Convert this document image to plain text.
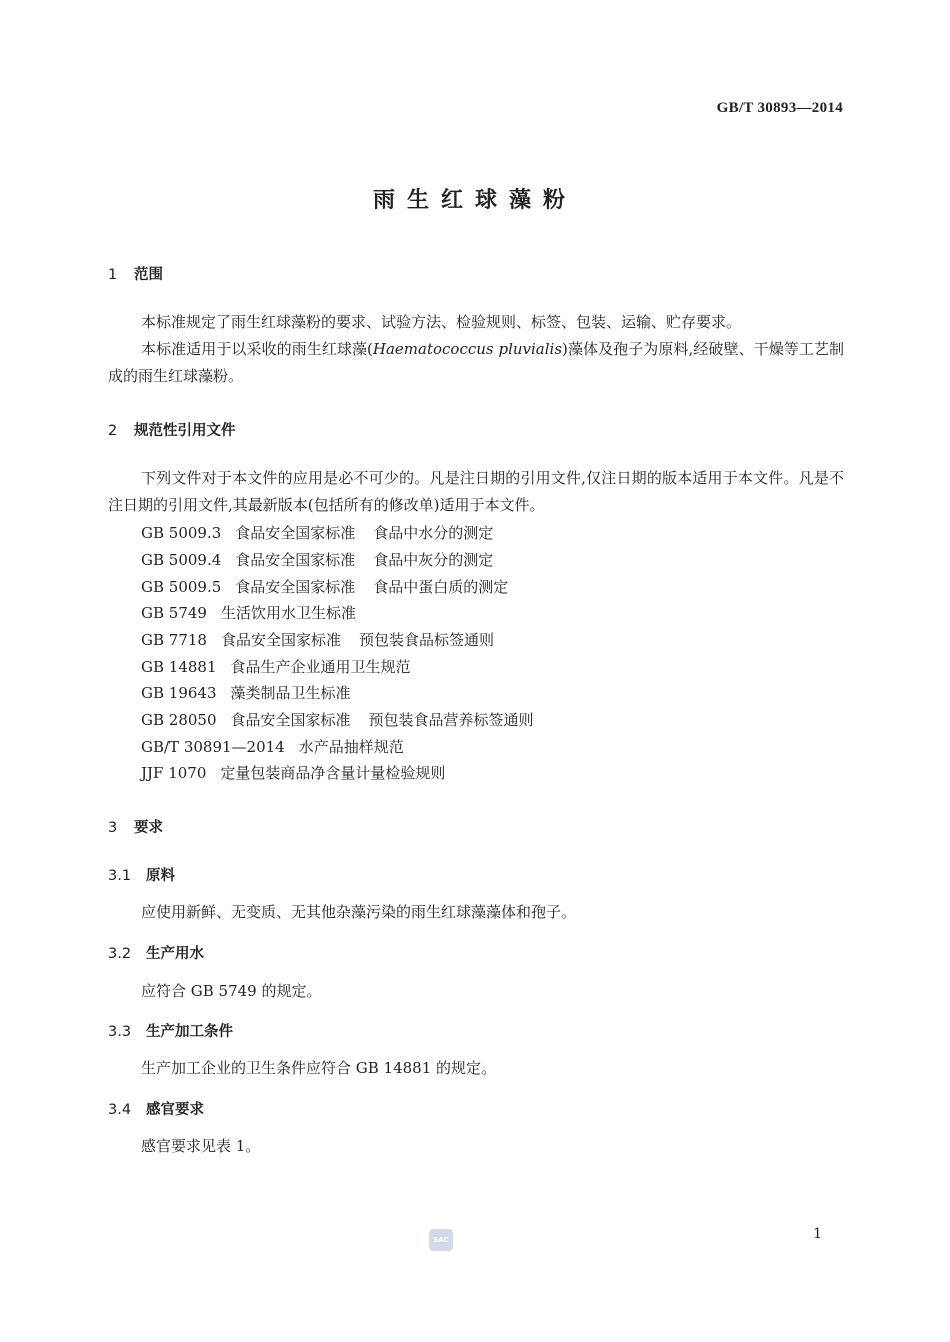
GB/T 30893—2014
雨生红球藻粉
1 范围
本标准规定了雨生红球藻粉的要求、试验方法、检验规则、标签、包装、运输、贮存要求。
本标准适用于以采收的雨生红球藻(Haematococcus pluvialis)藻体及孢子为原料,经破壁、干燥等工艺制成的雨生红球藻粉。
2 规范性引用文件
下列文件对于本文件的应用是必不可少的。凡是注日期的引用文件,仅注日期的版本适用于本文件。凡是不注日期的引用文件,其最新版本(包括所有的修改单)适用于本文件。
GB 5009.3 食品安全国家标准 食品中水分的测定
GB 5009.4 食品安全国家标准 食品中灰分的测定
GB 5009.5 食品安全国家标准 食品中蛋白质的测定
GB 5749 生活饮用水卫生标准
GB 7718 食品安全国家标准 预包装食品标签通则
GB 14881 食品生产企业通用卫生规范
GB 19643 藻类制品卫生标准
GB 28050 食品安全国家标准 预包装食品营养标签通则
GB/T 30891—2014 水产品抽样规范
JJF 1070 定量包装商品净含量计量检验规则
3 要求
3.1 原料
应使用新鲜、无变质、无其他杂藻污染的雨生红球藻藻体和孢子。
3.2 生产用水
应符合 GB 5749 的规定。
3.3 生产加工条件
生产加工企业的卫生条件应符合 GB 14881 的规定。
3.4 感官要求
感官要求见表 1。
SAC	1
